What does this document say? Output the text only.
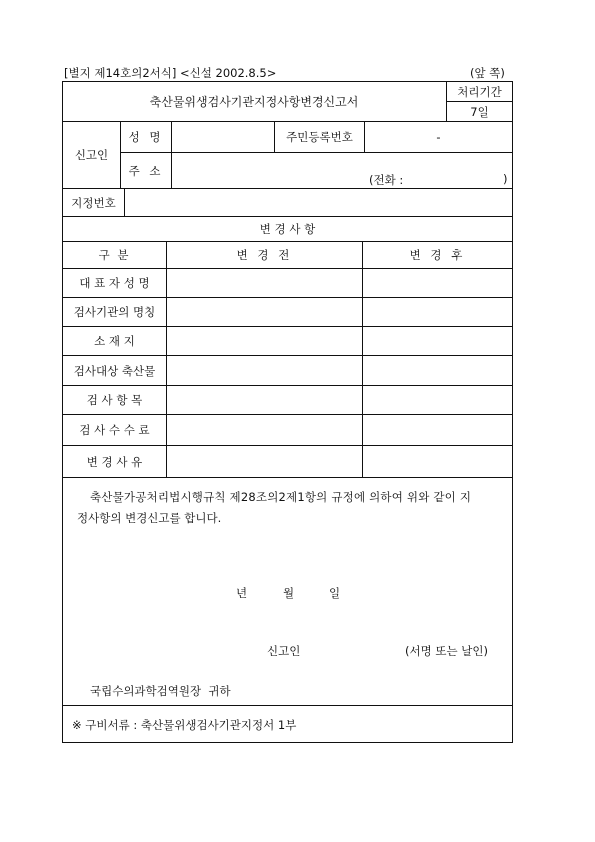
[별지 제14호의2서식] <신설 2002.8.5>	(앞 쪽)
축산물위생검사기관지정사항변경신고서
처리기간
7일
신고인
성 명	주민등록번호	-
주 소
(전화 :	)
지정번호
변 경 사 항
구 분	변 경 전	변 경 후
대 표 자 성 명
검사기관의 명칭
소 재 지
검사대상 축산물
검 사 항 목
검 사 수 수 료
변 경 사 유
축산물가공처리법시행규칙 제28조의2제1항의 규정에 의하여 위와 같이 지
정사항의 변경신고를 합니다.
년	월	일
신고인	(서명 또는 날인)
국립수의과학검역원장  귀하
※ 구비서류 : 축산물위생검사기관지정서 1부
